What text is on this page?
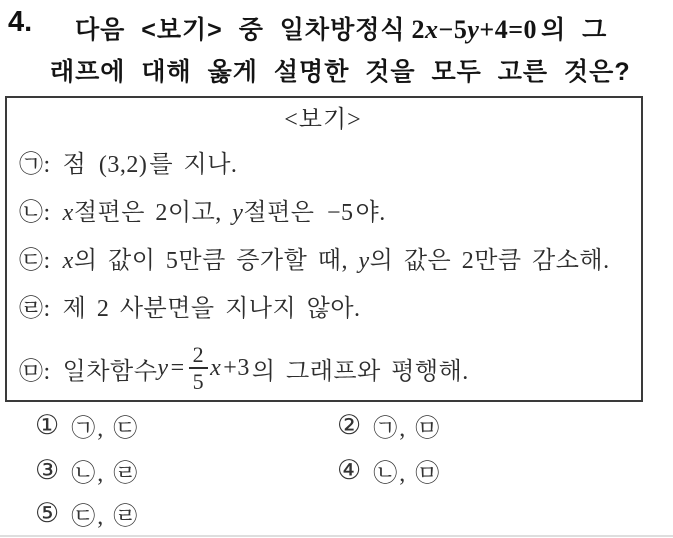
4. 다음 <보기> 중 일차방정식 2x−5y+4=0 의 그
래프에 대해 옳게 설명한 것을 모두 고른 것은?
<보기>
㉠: 점 (3,2)를 지나.
㉡: x절편은 2이고, y절편은 −5야.
㉢: x의 값이 5만큼 증가할 때, y의 값은 2만큼 감소해.
㉣: 제 2 사분면을 지나지 않아.
㉤: 일차함수 $y = \frac{2}{5}$ x +3 의 그래프와 평행해.
① ㉠, ㉢	② ㉠, ㉤
③ ㉡, ㉣	④ ㉡, ㉤
⑤ ㉢, ㉣
